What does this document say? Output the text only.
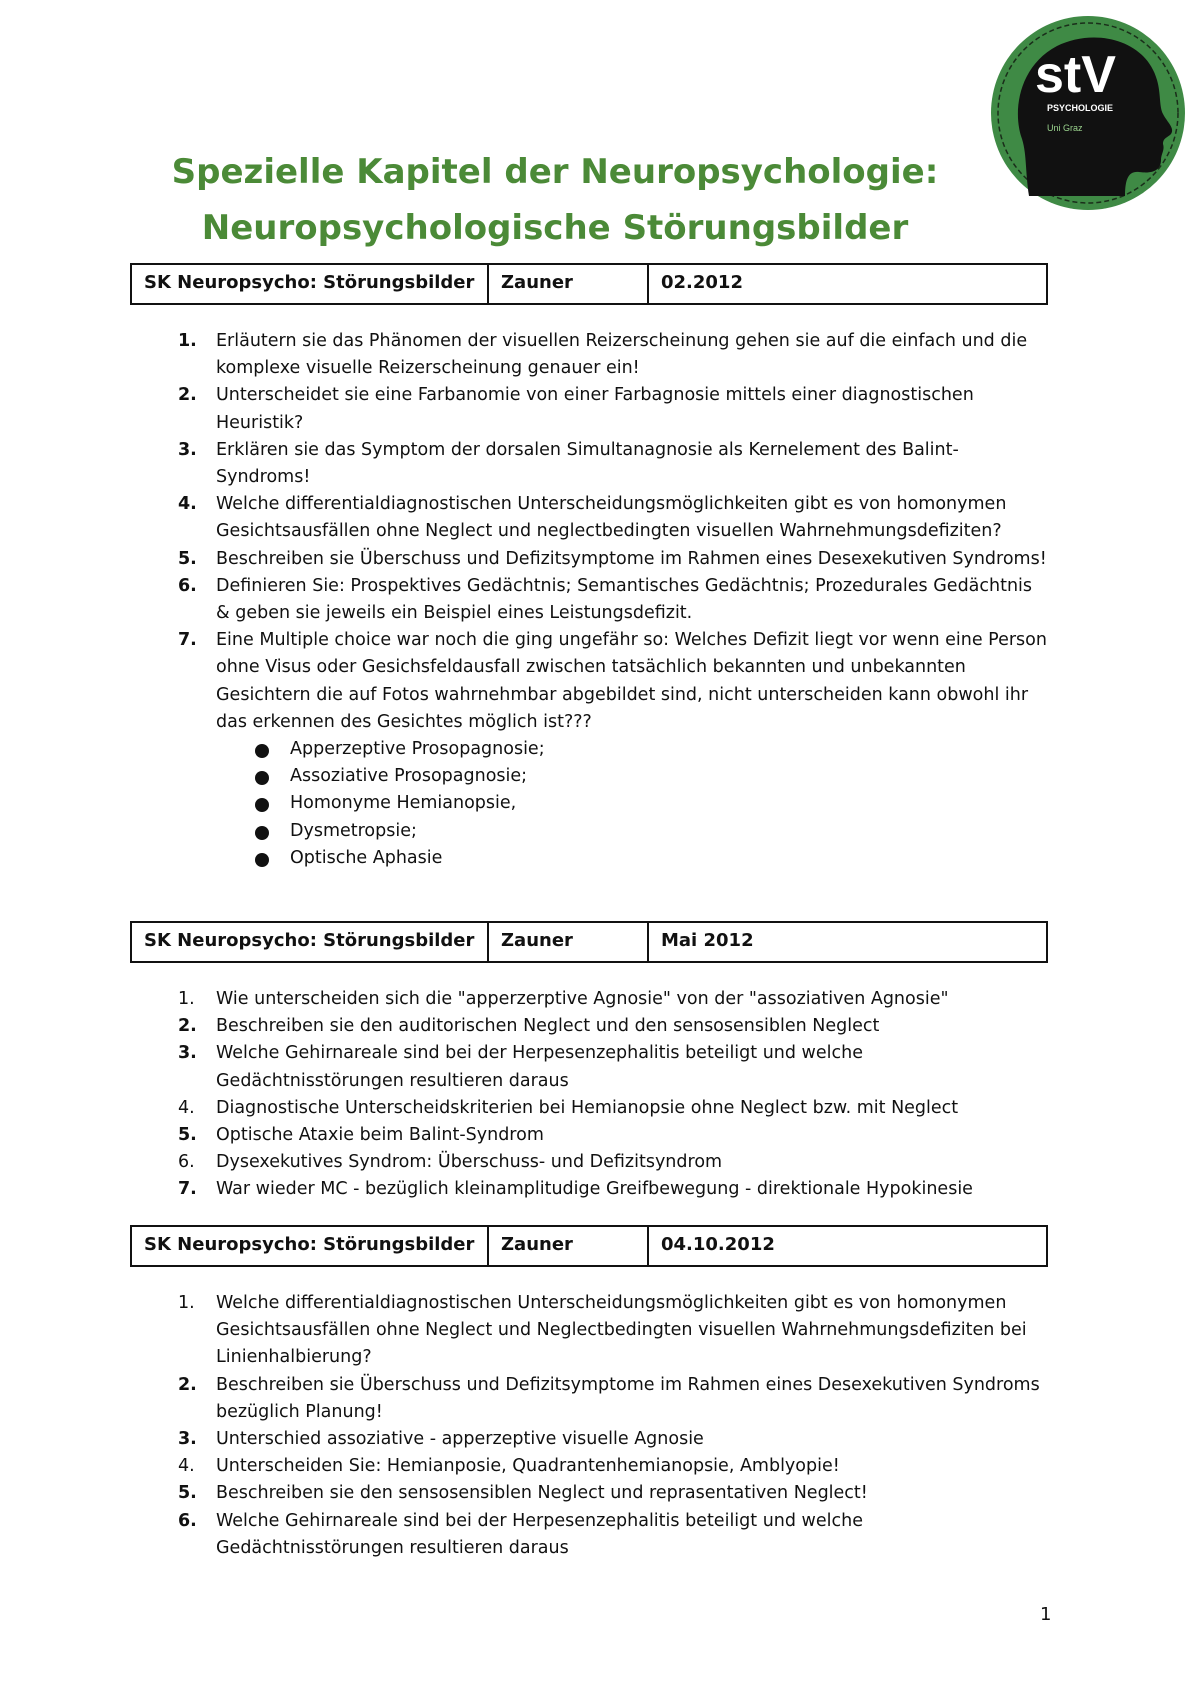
stV
PSYCHOLOGIE
Uni Graz
Spezielle Kapitel der Neuropsychologie:
Neuropsychologische Störungsbilder
SK Neuropsycho: Störungsbilder	Zauner	02.2012
1.	Erläutern sie das Phänomen der visuellen Reizerscheinung gehen sie auf die einfach und die komplexe visuelle Reizerscheinung genauer ein!
2.	Unterscheidet sie eine Farbanomie von einer Farbagnosie mittels einer diagnostischen Heuristik?
3.	Erklären sie das Symptom der dorsalen Simultanagnosie als Kernelement des Balint-Syndroms!
4.	Welche differentialdiagnostischen Unterscheidungsmöglichkeiten gibt es von homonymen Gesichtsausfällen ohne Neglect und neglectbedingten visuellen Wahrnehmungsdefiziten?
5.	Beschreiben sie Überschuss und Defizitsymptome im Rahmen eines Desexekutiven Syndroms!
6.	Definieren Sie: Prospektives Gedächtnis; Semantisches Gedächtnis; Prozedurales Gedächtnis & geben sie jeweils ein Beispiel eines Leistungsdefizit.
7.	Eine Multiple choice war noch die ging ungefähr so: Welches Defizit liegt vor wenn eine Person ohne Visus oder Gesichsfeldausfall zwischen tatsächlich bekannten und unbekannten Gesichtern die auf Fotos wahrnehmbar abgebildet sind, nicht unterscheiden kann obwohl ihr das erkennen des Gesichtes möglich ist???
Apperzeptive Prosopagnosie;
Assoziative Prosopagnosie;
Homonyme Hemianopsie,
Dysmetropsie;
Optische Aphasie
SK Neuropsycho: Störungsbilder	Zauner	Mai 2012
1.	Wie unterscheiden sich die "apperzerptive Agnosie" von der "assoziativen Agnosie"
2.	Beschreiben sie den auditorischen Neglect und den sensosensiblen Neglect
3.	Welche Gehirnareale sind bei der Herpesenzephalitis beteiligt und welche Gedächtnisstörungen resultieren daraus
4.	Diagnostische Unterscheidskriterien bei Hemianopsie ohne Neglect bzw. mit Neglect
5.	Optische Ataxie beim Balint-Syndrom
6.	Dysexekutives Syndrom: Überschuss- und Defizitsyndrom
7.	War wieder MC - bezüglich kleinamplitudige Greifbewegung - direktionale Hypokinesie
SK Neuropsycho: Störungsbilder	Zauner	04.10.2012
1.	Welche differentialdiagnostischen Unterscheidungsmöglichkeiten gibt es von homonymen Gesichtsausfällen ohne Neglect und Neglectbedingten visuellen Wahrnehmungsdefiziten bei Linienhalbierung?
2.	Beschreiben sie Überschuss und Defizitsymptome im Rahmen eines Desexekutiven Syndroms bezüglich Planung!
3.	Unterschied assoziative - apperzeptive visuelle Agnosie
4.	Unterscheiden Sie: Hemianposie, Quadrantenhemianopsie, Amblyopie!
5.	Beschreiben sie den sensosensiblen Neglect und reprasentativen Neglect!
6.	Welche Gehirnareale sind bei der Herpesenzephalitis beteiligt und welche Gedächtnisstörungen resultieren daraus
1
